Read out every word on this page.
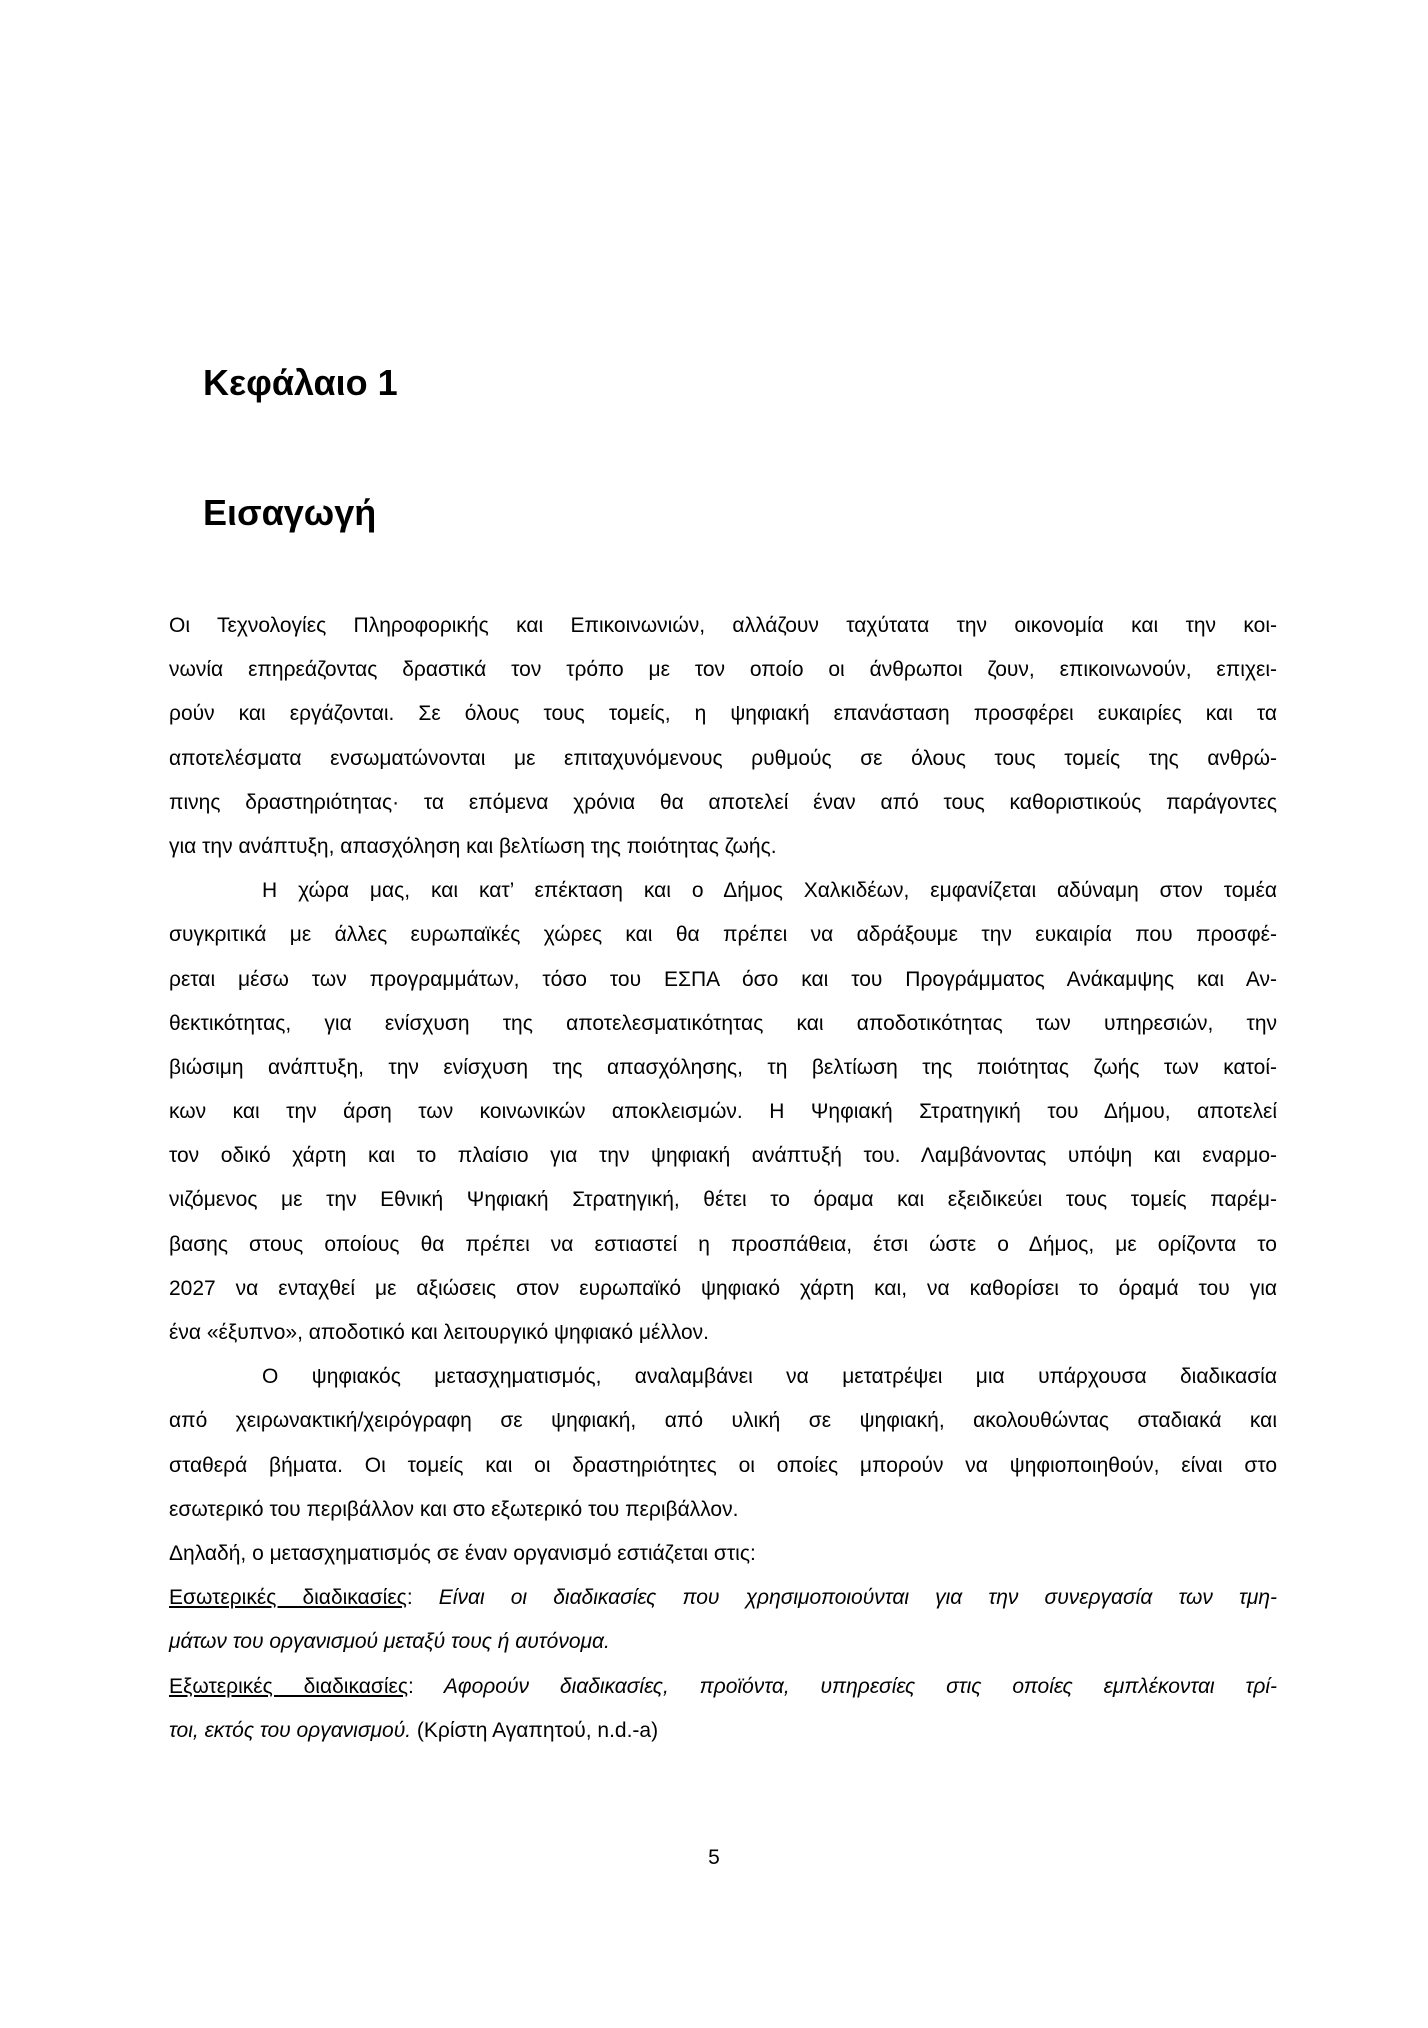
Κεφάλαιο 1
Εισαγωγή
Οι Τεχνολογίες Πληροφορικής και Επικοινωνιών, αλλάζουν ταχύτατα την οικονομία και την κοι-
νωνία επηρεάζοντας δραστικά τον τρόπο με τον οποίο οι άνθρωποι ζουν, επικοινωνούν, επιχει-
ρούν και εργάζονται. Σε όλους τους τομείς, η ψηφιακή επανάσταση προσφέρει ευκαιρίες και τα
αποτελέσματα ενσωματώνονται με επιταχυνόμενους ρυθμούς σε όλους τους τομείς της ανθρώ-
πινης δραστηριότητας· τα επόμενα χρόνια θα αποτελεί έναν από τους καθοριστικούς παράγοντες
για την ανάπτυξη, απασχόληση και βελτίωση της ποιότητας ζωής.
Η χώρα μας, και κατ’ επέκταση και ο Δήμος Χαλκιδέων, εμφανίζεται αδύναμη στον τομέα
συγκριτικά με άλλες ευρωπαϊκές χώρες και θα πρέπει να αδράξουμε την ευκαιρία που προσφέ-
ρεται μέσω των προγραμμάτων, τόσο του ΕΣΠΑ όσο και του Προγράμματος Ανάκαμψης και Αν-
θεκτικότητας, για ενίσχυση της αποτελεσματικότητας και αποδοτικότητας των υπηρεσιών, την
βιώσιμη ανάπτυξη, την ενίσχυση της απασχόλησης, τη βελτίωση της ποιότητας ζωής των κατοί-
κων και την άρση των κοινωνικών αποκλεισμών. Η Ψηφιακή Στρατηγική του Δήμου, αποτελεί
τον οδικό χάρτη και το πλαίσιο για την ψηφιακή ανάπτυξή του. Λαμβάνοντας υπόψη και εναρμο-
νιζόμενος με την Εθνική Ψηφιακή Στρατηγική, θέτει το όραμα και εξειδικεύει τους τομείς παρέμ-
βασης στους οποίους θα πρέπει να εστιαστεί η προσπάθεια, έτσι ώστε ο Δήμος, με ορίζοντα το
2027 να ενταχθεί με αξιώσεις στον ευρωπαϊκό ψηφιακό χάρτη και, να καθορίσει το όραμά του για
ένα «έξυπνο», αποδοτικό και λειτουργικό ψηφιακό μέλλον.
Ο ψηφιακός μετασχηματισμός, αναλαμβάνει να μετατρέψει μια υπάρχουσα διαδικασία
από χειρωνακτική/χειρόγραφη σε ψηφιακή, από υλική σε ψηφιακή, ακολουθώντας σταδιακά και
σταθερά βήματα. Οι τομείς και οι δραστηριότητες οι οποίες μπορούν να ψηφιοποιηθούν, είναι στο
εσωτερικό του περιβάλλον και στο εξωτερικό του περιβάλλον.
Δηλαδή, ο μετασχηματισμός σε έναν οργανισμό εστιάζεται στις:
Εσωτερικές διαδικασίες: Είναι οι διαδικασίες που χρησιμοποιούνται για την συνεργασία των τμη-
μάτων του οργανισμού μεταξύ τους ή αυτόνομα.
Εξωτερικές διαδικασίες: Αφορούν διαδικασίες, προϊόντα, υπηρεσίες στις οποίες εμπλέκονται τρί-
τοι, εκτός του οργανισμού. (Κρίστη Αγαπητού, n.d.-a)
5
